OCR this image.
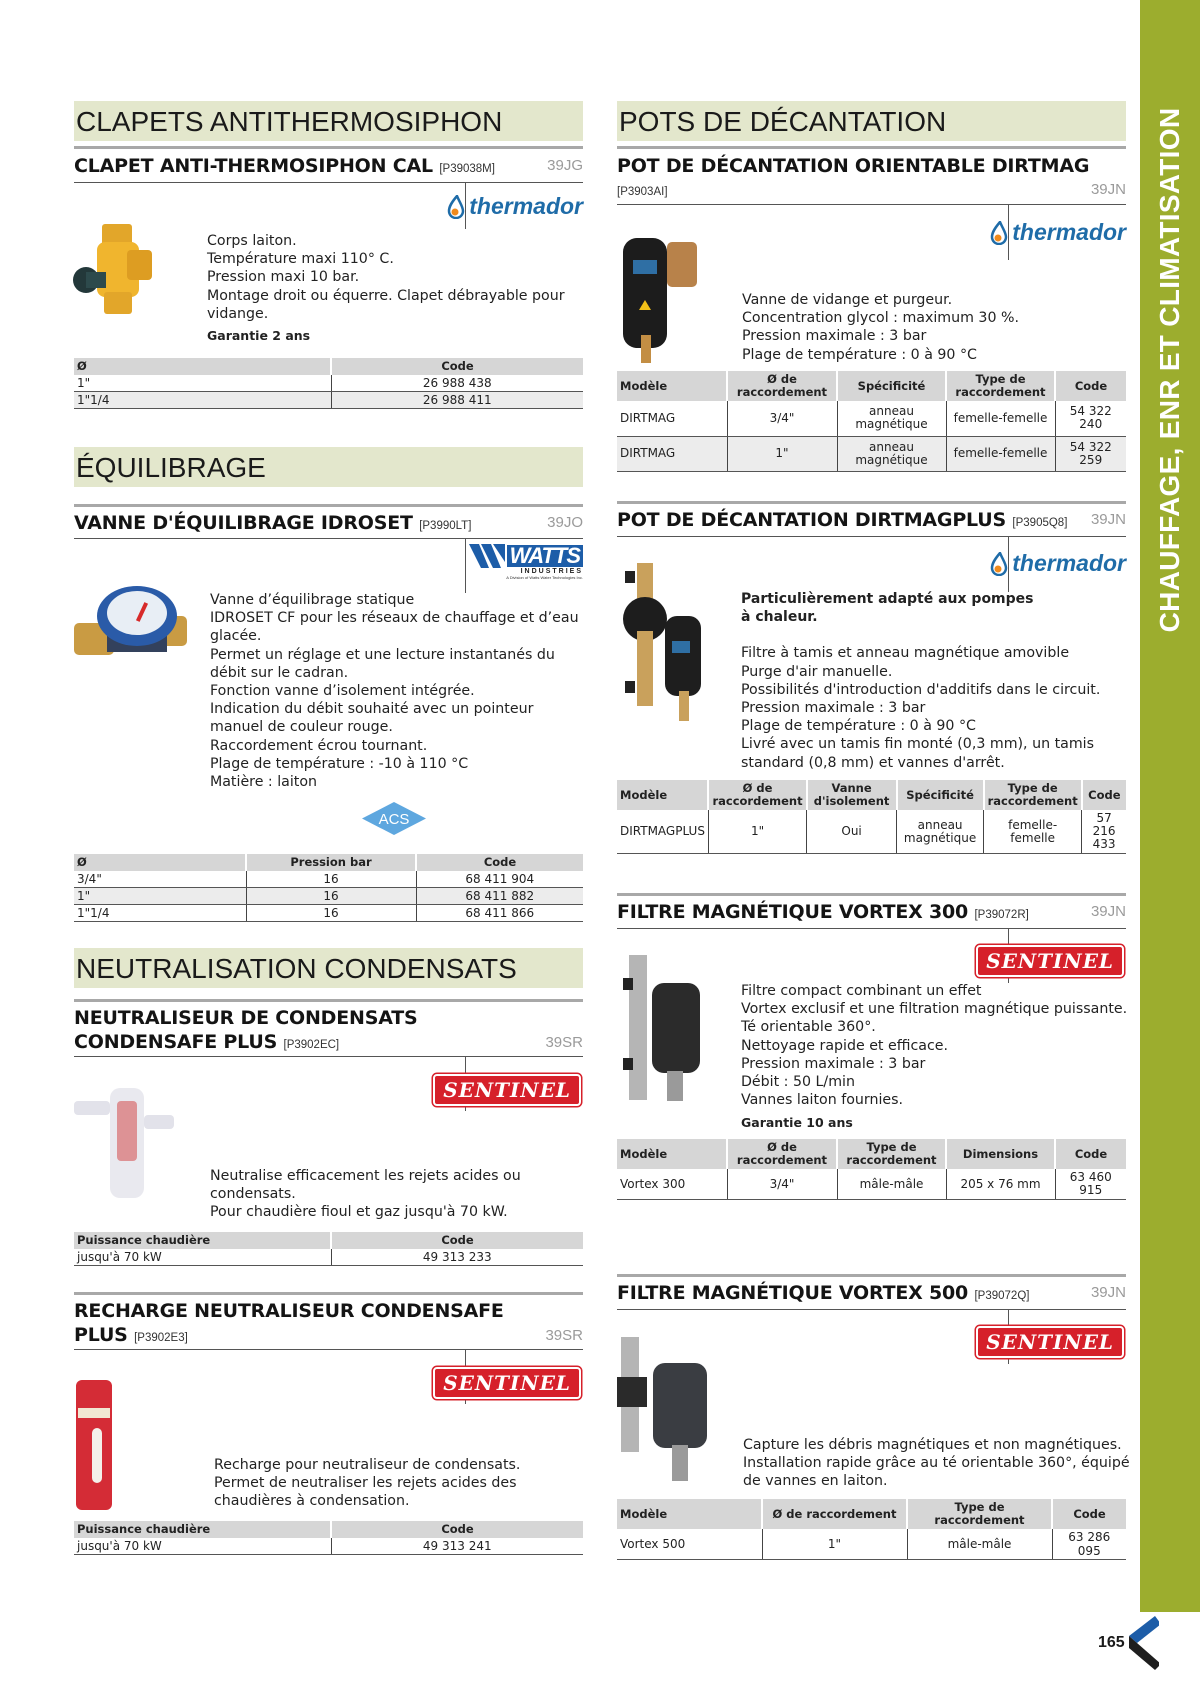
CHAUFFAGE, ENR ET CLIMATISATION
CLAPETS ANTITHERMOSIPHON
CLAPET ANTI-THERMOSIPHON CAL [P39038M]	39JG
thermador
Corps laiton.
Température maxi 110° C.
Pression maxi 10 bar.
Montage droit ou équerre. Clapet débrayable pour
vidange.
Garantie 2 ans
Ø	Code
1"	26 988 438
1"1/4	26 988 411
ÉQUILIBRAGE
VANNE D'ÉQUILIBRAGE IDROSET [P3990LT]	39JO
WATTS
INDUSTRIES
A Division of Watts Water Technologies Inc.
Vanne d’équilibrage statique
IDROSET CF pour les réseaux de chauffage et d’eau
glacée.
Permet un réglage et une lecture instantanés du
débit sur le cadran.
Fonction vanne d’isolement intégrée.
Indication du débit souhaité avec un pointeur
manuel de couleur rouge.
Raccordement écrou tournant.
Plage de température : -10 à 110 °C
Matière : laiton
ACS
Ø	Pression bar	Code
3/4"	16	68 411 904
1"	16	68 411 882
1"1/4	16	68 411 866
NEUTRALISATION CONDENSATS
NEUTRALISEUR DE CONDENSATS
CONDENSAFE PLUS [P3902EC]	39SR
SENTINEL
Neutralise efficacement les rejets acides ou
condensats.
Pour chaudière fioul et gaz jusqu'à 70 kW.
Puissance chaudière	Code
jusqu'à 70 kW	49 313 233
RECHARGE NEUTRALISEUR CONDENSAFE
PLUS [P3902E3]	39SR
SENTINEL
Recharge pour neutraliseur de condensats.
Permet de neutraliser les rejets acides des
chaudières à condensation.
Puissance chaudière	Code
jusqu'à 70 kW	49 313 241
POTS DE DÉCANTATION
POT DE DÉCANTATION ORIENTABLE DIRTMAG
[P3903AI]	39JN
thermador
Vanne de vidange et purgeur.
Concentration glycol : maximum 30 %.
Pression maximale : 3 bar
Plage de température : 0 à 90 °C
Modèle	Ø de raccordement	Spécificité	Type de raccordement	Code
DIRTMAG	3/4"	anneau magnétique	femelle-femelle	54 322 240
DIRTMAG	1"	anneau magnétique	femelle-femelle	54 322 259
POT DE DÉCANTATION DIRTMAGPLUS [P3905Q8] 39JN
thermador
Particulièrement adapté aux pompes
à chaleur.
Filtre à tamis et anneau magnétique amovible
Purge d'air manuelle.
Possibilités d'introduction d'additifs dans le circuit.
Pression maximale : 3 bar
Plage de température : 0 à 90 °C
Livré avec un tamis fin monté (0,3 mm), un tamis
standard (0,8 mm) et vannes d'arrêt.
Modèle	Ø de raccordement	Vanne d'isolement	Spécificité	Type de raccordement	Code
DIRTMAGPLUS	1"	Oui	anneau magnétique	femelle-femelle	57 216 433
FILTRE MAGNÉTIQUE VORTEX 300 [P39072R]	39JN
SENTINEL
Filtre compact combinant un effet
Vortex exclusif et une filtration magnétique puissante.
Té orientable 360°.
Nettoyage rapide et efficace.
Pression maximale : 3 bar
Débit : 50 L/min
Vannes laiton fournies.
Garantie 10 ans
Modèle	Ø de raccordement	Type de raccordement	Dimensions	Code
Vortex 300	3/4"	mâle-mâle	205 x 76 mm	63 460 915
FILTRE MAGNÉTIQUE VORTEX 500 [P39072Q]	39JN
SENTINEL
Capture les débris magnétiques et non magnétiques.
Installation rapide grâce au té orientable 360°, équipé
de vannes en laiton.
Modèle	Ø de raccordement	Type de raccordement	Code
Vortex 500	1"	mâle-mâle	63 286 095
165
